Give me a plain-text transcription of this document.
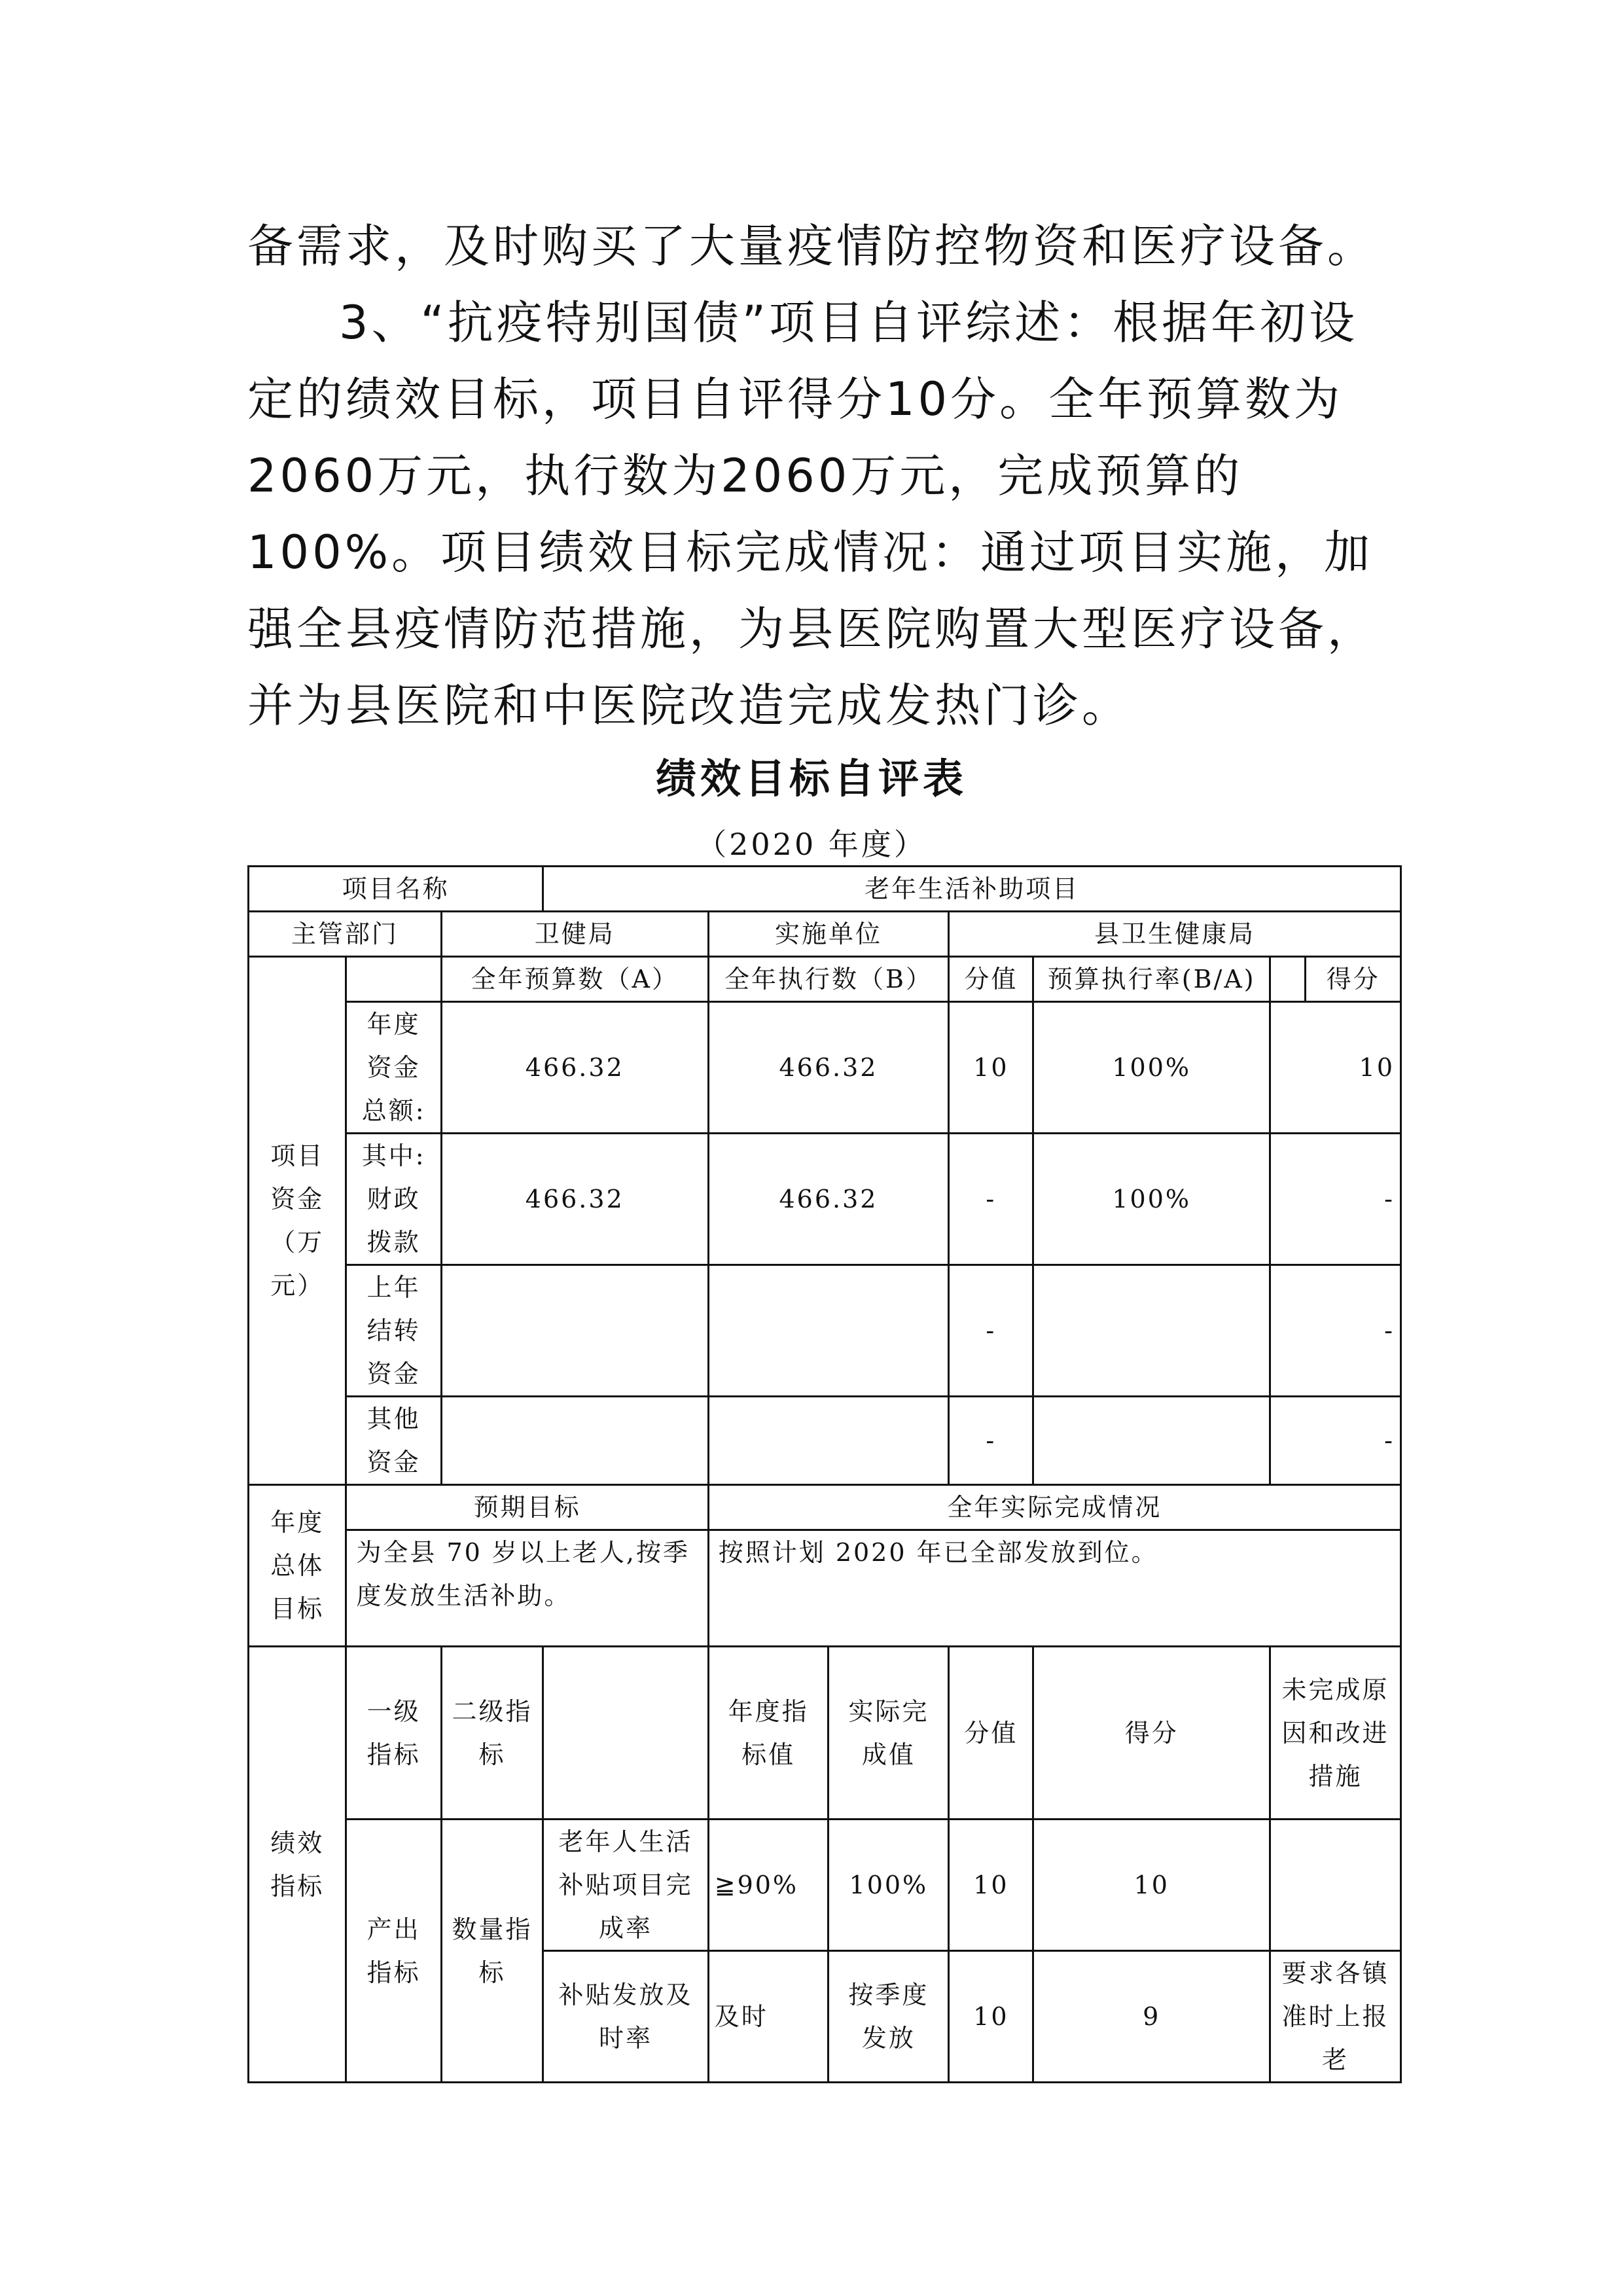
备需求，及时购买了大量疫情防控物资和医疗设备。

3、“抗疫特别国债”项目自评综述：根据年初设定的绩效目标，项目自评得分10分。全年预算数为2060万元，执行数为2060万元，完成预算的100%。项目绩效目标完成情况：通过项目实施，加强全县疫情防范措施，为县医院购置大型医疗设备，并为县医院和中医院改造完成发热门诊。

绩效目标自评表
（2020 年度）
项目名称			老年生活补助项目						
主管部门		卫健局		实施单位		县卫生健康局			
项目资金（万元）		全年预算数（A）		全年执行数（B）		分值	预算执行率(B/A)		得分
	年度资金总额:	466.32		466.32		10	100%	10	
	其中:财政拨款	466.32		466.32		-	100%	-	
	上年结转资金					-		-	
	其他资金					-		-	
年度总体目标	预期目标			全年实际完成情况					
	为全县 70 岁以上老人,按季度发放生活补助。			按照计划 2020 年已全部发放到位。					
绩效指标	一级指标	二级指标		年度指标值	实际完成值	分值	得分	未完成原因和改进措施	
	产出指标	数量指标	老年人生活补贴项目完成率	≧90%	100%	10	10		
			补贴发放及时率	及时	按季度发放	10	9	要求各镇准时上报老	
